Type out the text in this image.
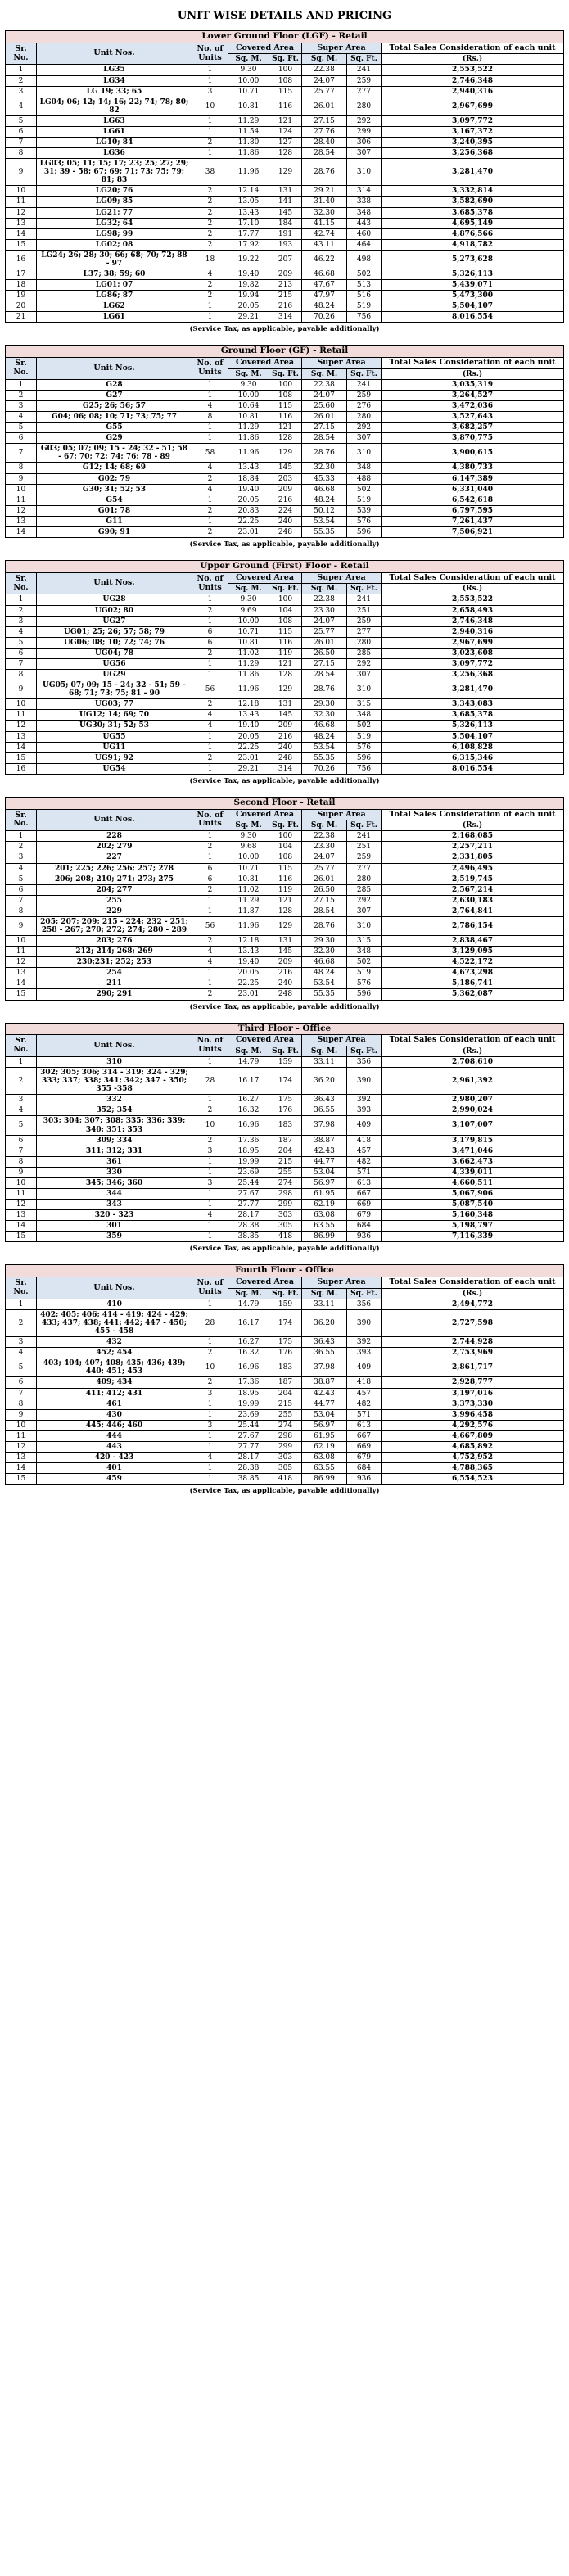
UNIT WISE DETAILS AND PRICING
Lower Ground Floor (LGF) - Retail							
Sr. No.	Unit Nos.	No. of Units	Covered Area		Super Area		Total Sales Consideration of each unit

			Sq. M.	Sq. Ft.	Sq. M.	Sq. Ft.	(Rs.)
1	LG35	1	9.30	100	22.38	241	2,553,522
2	LG34	1	10.00	108	24.07	259	2,746,348
3	LG 19; 33; 65	3	10.71	115	25.77	277	2,940,316
4	LG04; 06; 12; 14; 16; 22; 74; 78; 80; 82	10	10.81	116	26.01	280	2,967,699
5	LG63	1	11.29	121	27.15	292	3,097,772
6	LG61	1	11.54	124	27.76	299	3,167,372
7	LG10; 84	2	11.80	127	28.40	306	3,240,395
8	LG36	1	11.86	128	28.54	307	3,256,368
9	LG03; 05; 11; 15; 17; 23; 25; 27; 29; 31; 39 - 58; 67; 69; 71; 73; 75; 79; 81; 83	38	11.96	129	28.76	310	3,281,470
10	LG20; 76	2	12.14	131	29.21	314	3,332,814
11	LG09; 85	2	13.05	141	31.40	338	3,582,690
12	LG21; 77	2	13.43	145	32.30	348	3,685,378
13	LG32; 64	2	17.10	184	41.15	443	4,695,149
14	LG98; 99	2	17.77	191	42.74	460	4,876,566
15	LG02; 08	2	17.92	193	43.11	464	4,918,782
16	LG24; 26; 28; 30; 66; 68; 70; 72; 88 - 97	18	19.22	207	46.22	498	5,273,628
17	L37; 38; 59; 60	4	19.40	209	46.68	502	5,326,113
18	LG01; 07	2	19.82	213	47.67	513	5,439,071
19	LG86; 87	2	19.94	215	47.97	516	5,473,300
20	LG62	1	20.05	216	48.24	519	5,504,107
21	LG61	1	29.21	314	70.26	756	8,016,554
(Service Tax, as applicable, payable additionally)
Ground Floor (GF) - Retail							
Sr. No.	Unit Nos.	No. of Units	Covered Area		Super Area		Total Sales Consideration of each unit

			Sq. M.	Sq. Ft.	Sq. M.	Sq. Ft.	(Rs.)
1	G28	1	9.30	100	22.38	241	3,035,319
2	G27	1	10.00	108	24.07	259	3,264,527
3	G25; 26; 56; 57	4	10.64	115	25.60	276	3,472,036
4	G04; 06; 08; 10; 71; 73; 75; 77	8	10.81	116	26.01	280	3,527,643
5	G55	1	11.29	121	27.15	292	3,682,257
6	G29	1	11.86	128	28.54	307	3,870,775
7	G03; 05; 07; 09; 15 - 24; 32 - 51; 58 - 67; 70; 72; 74; 76; 78 - 89	58	11.96	129	28.76	310	3,900,615
8	G12; 14; 68; 69	4	13.43	145	32.30	348	4,380,733
9	G02; 79	2	18.84	203	45.33	488	6,147,389
10	G30; 31; 52; 53	4	19.40	209	46.68	502	6,331,040
11	G54	1	20.05	216	48.24	519	6,542,618
12	G01; 78	2	20.83	224	50.12	539	6,797,595
13	G11	1	22.25	240	53.54	576	7,261,437
14	G90; 91	2	23.01	248	55.35	596	7,506,921
(Service Tax, as applicable, payable additionally)
Upper Ground (First) Floor - Retail							
Sr. No.	Unit Nos.	No. of Units	Covered Area		Super Area		Total Sales Consideration of each unit

			Sq. M.	Sq. Ft.	Sq. M.	Sq. Ft.	(Rs.)
1	UG28	1	9.30	100	22.38	241	2,553,522
2	UG02; 80	2	9.69	104	23.30	251	2,658,493
3	UG27	1	10.00	108	24.07	259	2,746,348
4	UG01; 25; 26; 57; 58; 79	6	10.71	115	25.77	277	2,940,316
5	UG06; 08; 10; 72; 74; 76	6	10.81	116	26.01	280	2,967,699
6	UG04; 78	2	11.02	119	26.50	285	3,023,608
7	UG56	1	11.29	121	27.15	292	3,097,772
8	UG29	1	11.86	128	28.54	307	3,256,368
9	UG05; 07; 09; 15 - 24; 32 - 51; 59 - 68; 71; 73; 75; 81 - 90	56	11.96	129	28.76	310	3,281,470
10	UG03; 77	2	12.18	131	29.30	315	3,343,083
11	UG12; 14; 69; 70	4	13.43	145	32.30	348	3,685,378
12	UG30; 31; 52; 53	4	19.40	209	46.68	502	5,326,113
13	UG55	1	20.05	216	48.24	519	5,504,107
14	UG11	1	22.25	240	53.54	576	6,108,828
15	UG91; 92	2	23.01	248	55.35	596	6,315,346
16	UG54	1	29.21	314	70.26	756	8,016,554
(Service Tax, as applicable, payable additionally)
Second Floor - Retail							
Sr. No.	Unit Nos.	No. of Units	Covered Area		Super Area		Total Sales Consideration of each unit

			Sq. M.	Sq. Ft.	Sq. M.	Sq. Ft.	(Rs.)
1	228	1	9.30	100	22.38	241	2,168,085
2	202; 279	2	9.68	104	23.30	251	2,257,211
3	227	1	10.00	108	24.07	259	2,331,805
4	201; 225; 226; 256; 257; 278	6	10.71	115	25.77	277	2,496,495
5	206; 208; 210; 271; 273; 275	6	10.81	116	26.01	280	2,519,745
6	204; 277	2	11.02	119	26.50	285	2,567,214
7	255	1	11.29	121	27.15	292	2,630,183
8	229	1	11.87	128	28.54	307	2,764,841
9	205; 207; 209; 215 - 224; 232 - 251; 258 - 267; 270; 272; 274; 280 - 289	56	11.96	129	28.76	310	2,786,154
10	203; 276	2	12.18	131	29.30	315	2,838,467
11	212; 214; 268; 269	4	13.43	145	32.30	348	3,129,095
12	230;231; 252; 253	4	19.40	209	46.68	502	4,522,172
13	254	1	20.05	216	48.24	519	4,673,298
14	211	1	22.25	240	53.54	576	5,186,741
15	290; 291	2	23.01	248	55.35	596	5,362,087
(Service Tax, as applicable, payable additionally)
Third Floor - Office							
Sr. No.	Unit Nos.	No. of Units	Covered Area		Super Area		Total Sales Consideration of each unit

			Sq. M.	Sq. Ft.	Sq. M.	Sq. Ft.	(Rs.)
1	310	1	14.79	159	33.11	356	2,708,610
2	302; 305; 306; 314 - 319; 324 - 329; 333; 337; 338; 341; 342; 347 - 350; 355 -358	28	16.17	174	36.20	390	2,961,392
3	332	1	16.27	175	36.43	392	2,980,207
4	352; 354	2	16.32	176	36.55	393	2,990,024
5	303; 304; 307; 308; 335; 336; 339; 340; 351; 353	10	16.96	183	37.98	409	3,107,007
6	309; 334	2	17.36	187	38.87	418	3,179,815
7	311; 312; 331	3	18.95	204	42.43	457	3,471,046
8	361	1	19.99	215	44.77	482	3,662,473
9	330	1	23.69	255	53.04	571	4,339,011
10	345; 346; 360	3	25.44	274	56.97	613	4,660,511
11	344	1	27.67	298	61.95	667	5,067,906
12	343	1	27.77	299	62.19	669	5,087,540
13	320 - 323	4	28.17	303	63.08	679	5,160,348
14	301	1	28.38	305	63.55	684	5,198,797
15	359	1	38.85	418	86.99	936	7,116,339
(Service Tax, as applicable, payable additionally)
Fourth Floor - Office							
Sr. No.	Unit Nos.	No. of Units	Covered Area		Super Area		Total Sales Consideration of each unit

			Sq. M.	Sq. Ft.	Sq. M.	Sq. Ft.	(Rs.)
1	410	1	14.79	159	33.11	356	2,494,772
2	402; 405; 406; 414 - 419; 424 - 429; 433; 437; 438; 441; 442; 447 - 450; 455 - 458	28	16.17	174	36.20	390	2,727,598
3	432	1	16.27	175	36.43	392	2,744,928
4	452; 454	2	16.32	176	36.55	393	2,753,969
5	403; 404; 407; 408; 435; 436; 439; 440; 451; 453	10	16.96	183	37.98	409	2,861,717
6	409; 434	2	17.36	187	38.87	418	2,928,777
7	411; 412; 431	3	18.95	204	42.43	457	3,197,016
8	461	1	19.99	215	44.77	482	3,373,330
9	430	1	23.69	255	53.04	571	3,996,458
10	445; 446; 460	3	25.44	274	56.97	613	4,292,576
11	444	1	27.67	298	61.95	667	4,667,809
12	443	1	27.77	299	62.19	669	4,685,892
13	420 - 423	4	28.17	303	63.08	679	4,752,952
14	401	1	28.38	305	63.55	684	4,788,365
15	459	1	38.85	418	86.99	936	6,554,523
(Service Tax, as applicable, payable additionally)
